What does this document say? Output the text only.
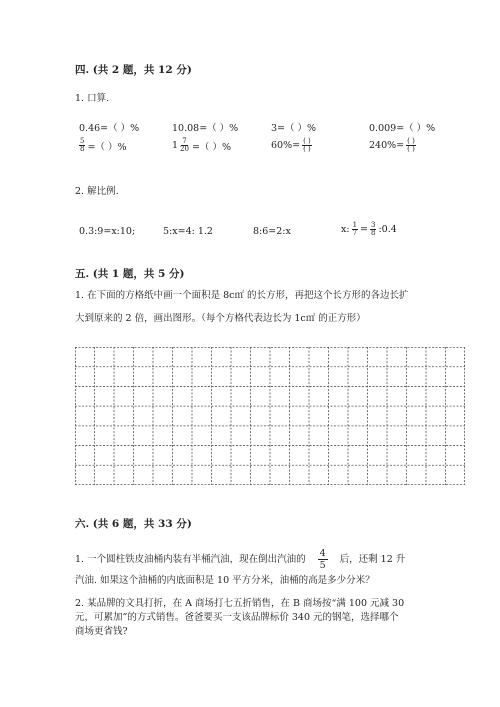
四. (共 2 题，共 12 分)
1. 口算.
0.46=（ ）%	10.08=（ ）%	3=（ ）%	0.009=（ ）%
$\frac{5}{8}$ =（ ）%	$1 \frac{7}{20}$ =（ ）%	$60\%= \frac{( )}{( )}$	$240\%= \frac{( )}{( )}$
2. 解比例.
0.3:9=x:10;	5:x=4: 1.2	8:6=2:x	x: $\frac{1}{7} = \frac{3}{8}$ :0.4
五. (共 1 题，共 5 分)
1. 在下面的方格纸中画一个面积是 8c㎡ 的长方形，再把这个长方形的各边长扩
大到原来的 2 倍，画出图形。（每个方格代表边长为 1c㎡ 的正方形）
六. (共 6 题，共 33 分)
1. 一个圆柱铁皮油桶内装有半桶汽油，现在倒出汽油的 $\frac{4}{5}$ 后，还剩 12 升
汽油. 如果这个油桶的内底面积是 10 平方分米，油桶的高是多少分米？
2. 某品牌的文具打折，在 A 商场打七五折销售，在 B 商场按“满 100 元减 30
元，可累加”的方式销售。爸爸要买一支该品牌标价 340 元的钢笔，选择哪个
商场更省钱?
